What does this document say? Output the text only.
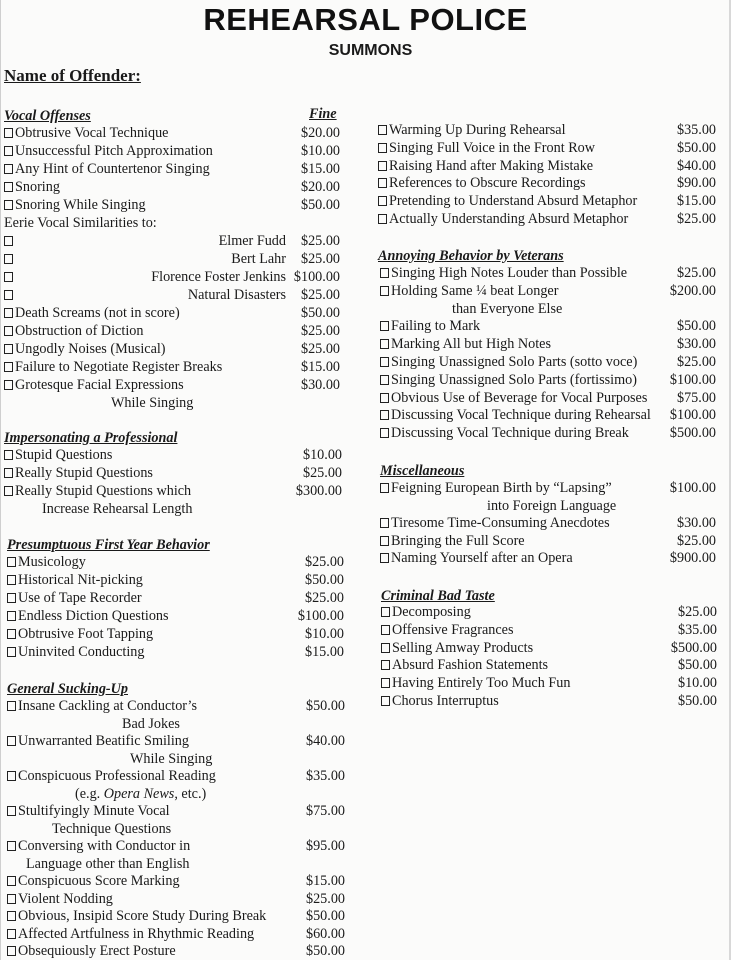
REHEARSAL POLICE
SUMMONS
Name of Offender:
Vocal Offenses	Fine
Obtrusive Vocal Technique	$20.00
Unsuccessful Pitch Approximation	$10.00
Any Hint of Countertenor Singing	$15.00
Snoring	$20.00
Snoring While Singing	$50.00
Eerie Vocal Similarities to:
Elmer Fudd $25.00
Bert Lahr $25.00
Florence Foster Jenkins $100.00
Natural Disasters $25.00
Death Screams (not in score)	$50.00
Obstruction of Diction	$25.00
Ungodly Noises (Musical)	$25.00
Failure to Negotiate Register Breaks	$15.00
Grotesque Facial Expressions	$30.00
While Singing
Impersonating a Professional
Stupid Questions	$10.00
Really Stupid Questions	$25.00
Really Stupid Questions which	$300.00
Increase Rehearsal Length
Presumptuous First Year Behavior
Musicology	$25.00
Historical Nit-picking	$50.00
Use of Tape Recorder	$25.00
Endless Diction Questions	$100.00
Obtrusive Foot Tapping	$10.00
Uninvited Conducting	$15.00
General Sucking-Up
Insane Cackling at Conductor’s	$50.00
Bad Jokes
Unwarranted Beatific Smiling	$40.00
While Singing
Conspicuous Professional Reading	$35.00
(e.g. Opera News, etc.)
Stultifyingly Minute Vocal	$75.00
Technique Questions
Conversing with Conductor in	$95.00
Language other than English
Conspicuous Score Marking	$15.00
Violent Nodding	$25.00
Obvious, Insipid Score Study During Break	$50.00
Affected Artfulness in Rhythmic Reading	$60.00
Obsequiously Erect Posture	$50.00
Warming Up During Rehearsal	$35.00
Singing Full Voice in the Front Row	$50.00
Raising Hand after Making Mistake	$40.00
References to Obscure Recordings	$90.00
Pretending to Understand Absurd Metaphor	$15.00
Actually Understanding Absurd Metaphor	$25.00
Annoying Behavior by Veterans
Singing High Notes Louder than Possible	$25.00
Holding Same ¼ beat Longer	$200.00
than Everyone Else
Failing to Mark	$50.00
Marking All but High Notes	$30.00
Singing Unassigned Solo Parts (sotto voce)	$25.00
Singing Unassigned Solo Parts (fortissimo) $100.00
Obvious Use of Beverage for Vocal Purposes $75.00
Discussing Vocal Technique during Rehearsal $100.00
Discussing Vocal Technique during Break	$500.00
Miscellaneous
Feigning European Birth by “Lapsing”	$100.00
into Foreign Language
Tiresome Time-Consuming Anecdotes	$30.00
Bringing the Full Score	$25.00
Naming Yourself after an Opera	$900.00
Criminal Bad Taste
Decomposing	$25.00
Offensive Fragrances	$35.00
Selling Amway Products	$500.00
Absurd Fashion Statements	$50.00
Having Entirely Too Much Fun	$10.00
Chorus Interruptus	$50.00
